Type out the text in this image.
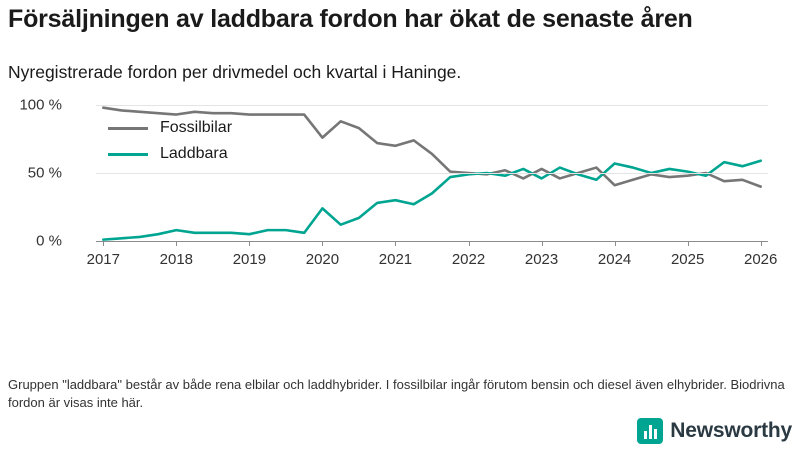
Försäljningen av laddbara fordon har ökat de senaste åren
Nyregistrerade fordon per drivmedel och kvartal i Haninge.
0 %
50 %
100 %
2017	2018	2019	2020	2021	2022	2023	2024	2025	2026
Fossilbilar
Laddbara
Gruppen "laddbara" består av både rena elbilar och laddhybrider. I fossilbilar ingår förutom bensin och diesel även elhybrider. Biodrivna fordon är visas inte här.
Newsworthy
